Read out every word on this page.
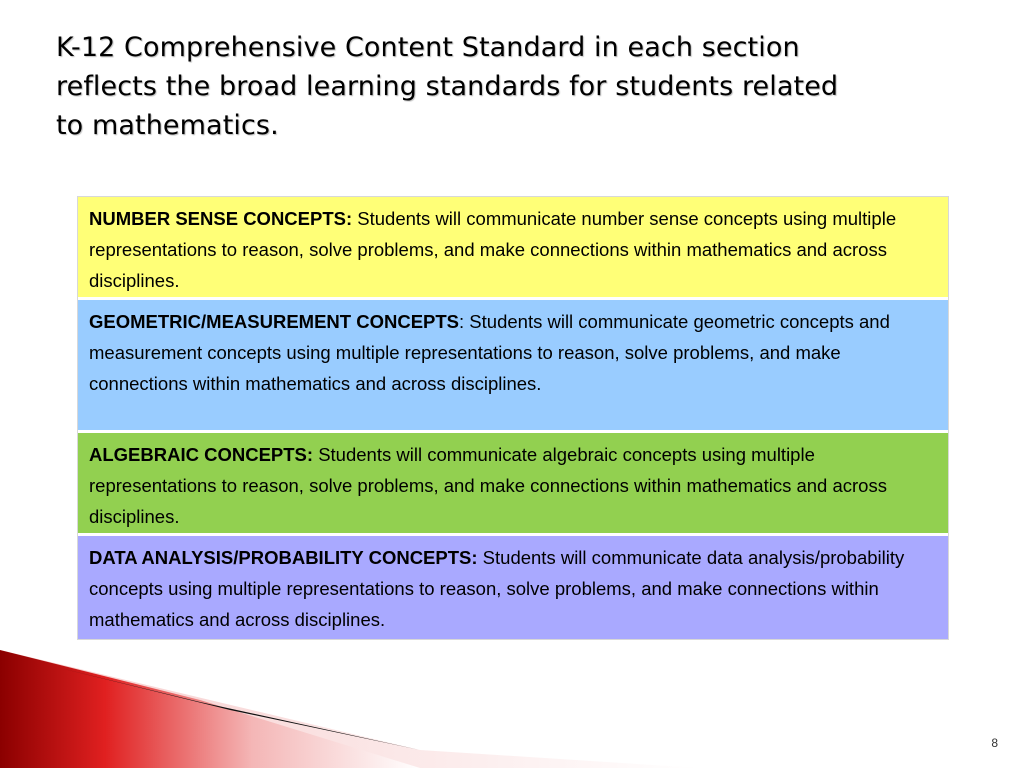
K-12 Comprehensive Content Standard in each section
reflects the broad learning standards for students related
to mathematics.
NUMBER SENSE CONCEPTS: Students will communicate number sense concepts using multiple representations to reason, solve problems, and make connections within mathematics and across disciplines.
GEOMETRIC/MEASUREMENT CONCEPTS: Students will communicate geometric concepts and measurement concepts using multiple representations to reason, solve problems, and make connections within mathematics and across disciplines.
ALGEBRAIC CONCEPTS: Students will communicate algebraic concepts using multiple representations to reason, solve problems, and make connections within mathematics and across disciplines.
DATA ANALYSIS/PROBABILITY CONCEPTS: Students will communicate data analysis/probability concepts using multiple representations to reason, solve problems, and make connections within mathematics and across disciplines.
8
